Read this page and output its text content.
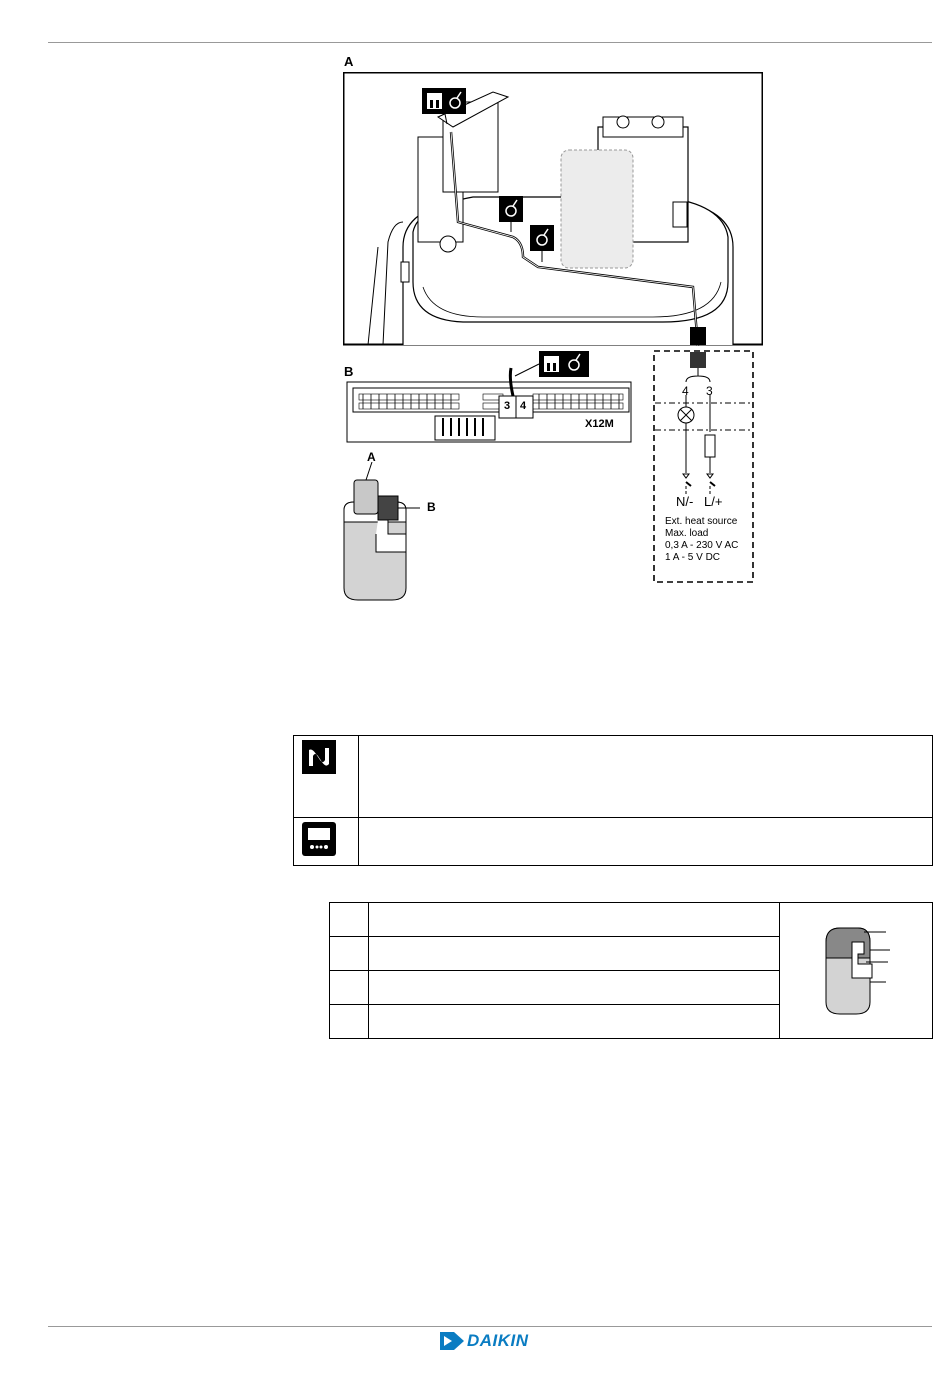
A
B
3 4
X12M
4 3
N/- L/+
Ext. heat source
Max. load
0,3 A - 230 V AC
1 A - 5 V DC
A
B

DAIKIN
